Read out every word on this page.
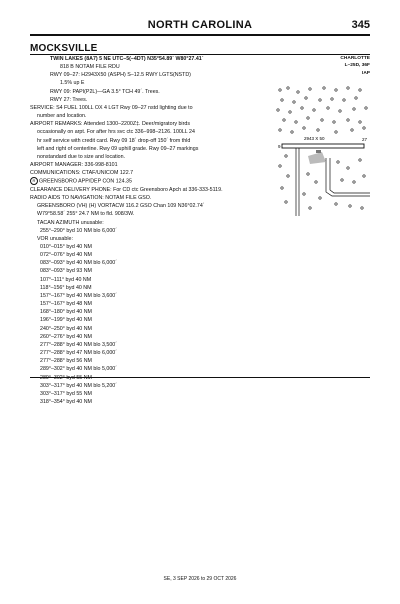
NORTH CAROLINA	345
MOCKSVILLE
CHARLOTTE
L–25D, 36F
IAP
TWIN LAKES (8A7) 5 NE UTC–5(–4DT) N35°54.89´ W80°27.41´
818 B NOTAM FILE RDU
RWY 09–27: H2943X50 (ASPH) S–12.5 RWY LGTS(NSTD)
1.5% up E
RWY 09: PAPI(P2L)—GA 3.5° TCH 49´. Trees.
RWY 27: Trees.
SERVICE: S4 FUEL 100LL OX 4 LGT Rwy 09–27 nstd lighting due to
number and location.
AIRPORT REMARKS: Attended 1300–2200Z‡. Deer/migratory birds
occasionally on arpt. For after hrs svc ctc 336–998–2126. 100LL 24
hr self service with credit card. Rwy 09 18´ drop-off 150´ from thld
left and right of centerline. Rwy 09 uphill grade. Rwy 09–27 markings
nonstandard due to size and location.
AIRPORT MANAGER: 336-998-8101
COMMUNICATIONS: CTAF/UNICOM 122.7
R GREENSBORO APP/DEP CON 124.35
CLEARANCE DELIVERY PHONE: For CD ctc Greensboro Apch at 336-333-5119.
RADIO AIDS TO NAVIGATION: NOTAM FILE GSO.
GREENSBORO (VH) (H) VORTACW 116.2 GSO Chan 109 N36°02.74´
W79°58.58´ 255° 24.7 NM to fld. 908/3W.
TACAN AZIMUTH unusable:
255°–290° byd 10 NM blo 6,000´
VOR unusable:
010°–015° byd 40 NM
072°–076° byd 40 NM
083°–093° byd 40 NM blo 6,000´
083°–093° byd 93 NM
107°–111° byd 40 NM
118°–156° byd 40 NM
157°–167° byd 40 NM blo 3,600´
157°–167° byd 48 NM
168°–180° byd 40 NM
196°–199° byd 40 NM
240°–250° byd 40 NM
260°–276° byd 40 NM
277°–288° byd 40 NM blo 3,500´
277°–288° byd 47 NM blo 6,000´
277°–288° byd 56 NM
289°–302° byd 40 NM blo 5,000´
289°–302° byd 55 NM
303°–317° byd 40 NM blo 5,200´
303°–317° byd 55 NM
318°–354° byd 40 NM
2943 X 50
9
27
SE, 3 SEP 2026 to 29 OCT 2026
